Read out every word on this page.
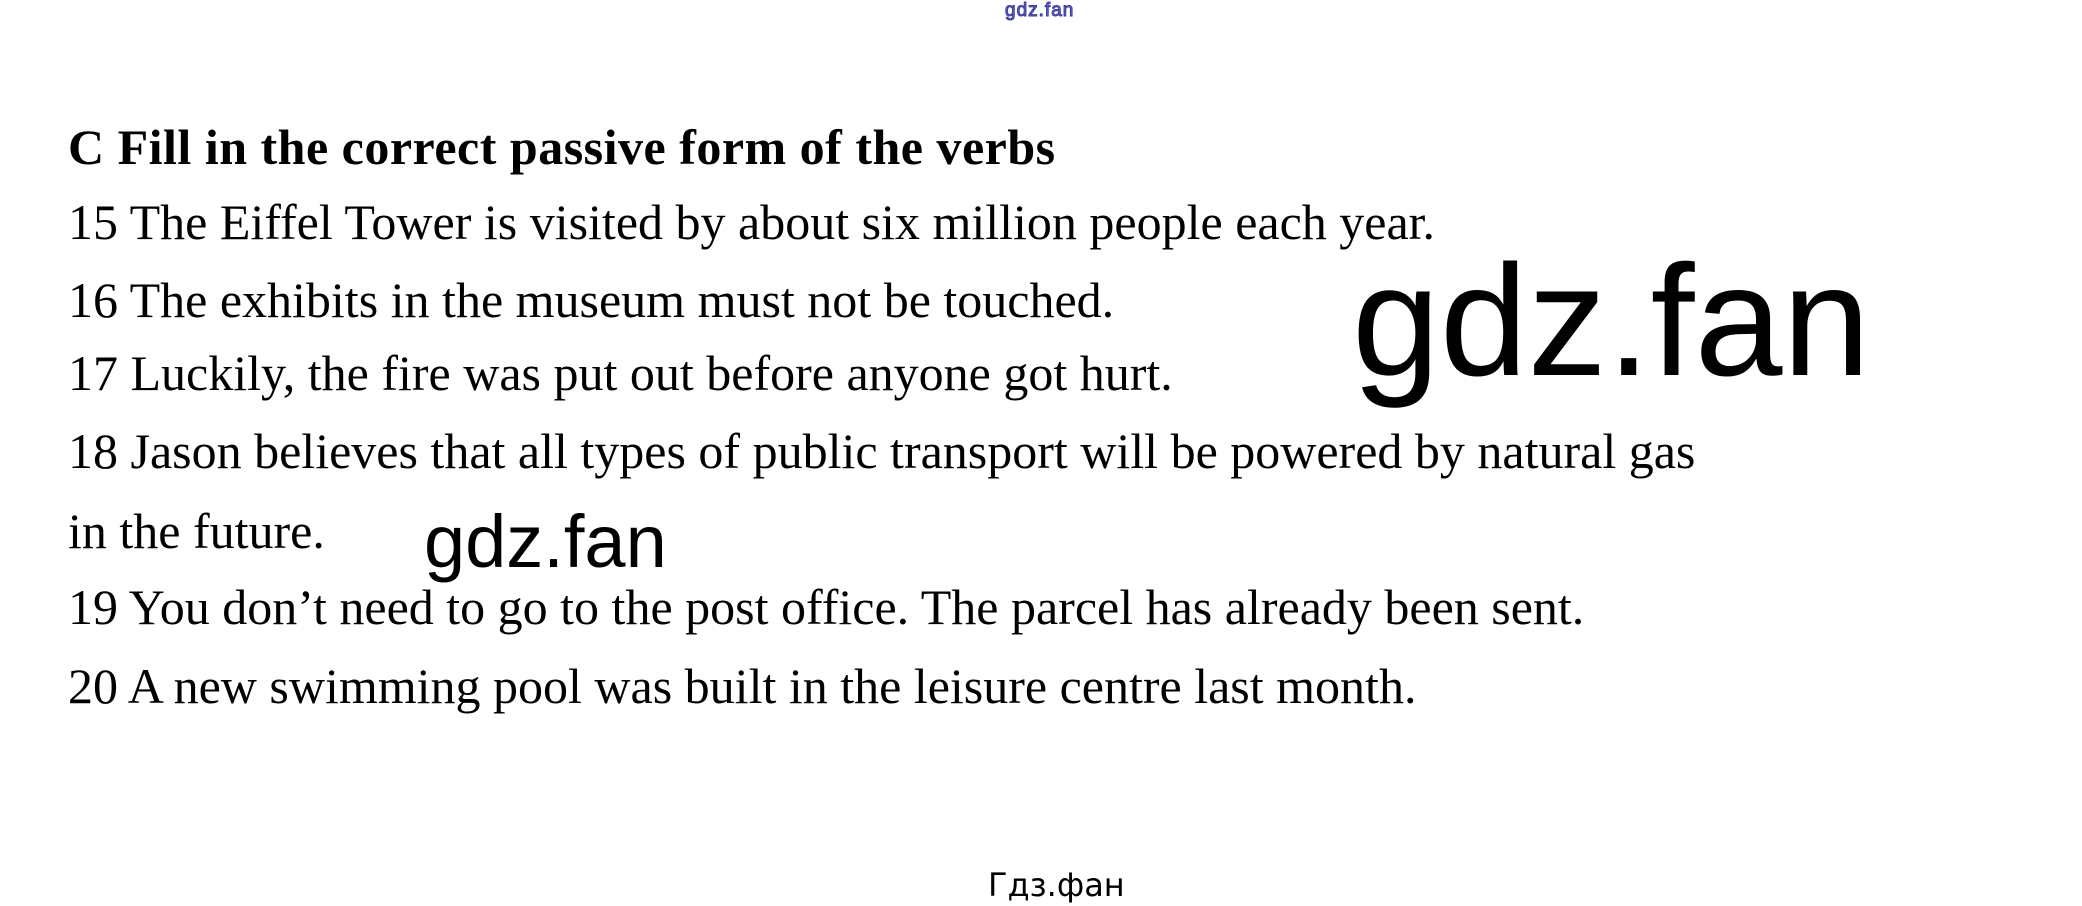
gdz.fan
C Fill in the correct passive form of the verbs
15 The Eiffel Tower is visited by about six million people each year.
16 The exhibits in the museum must not be touched. gdz.fan
17 Luckily, the fire was put out before anyone got hurt.
18 Jason believes that all types of public transport will be powered by natural gas
in the future. gdz.fan
19 You don’t need to go to the post office. The parcel has already been sent.
20 A new swimming pool was built in the leisure centre last month.
Гдз.фан
